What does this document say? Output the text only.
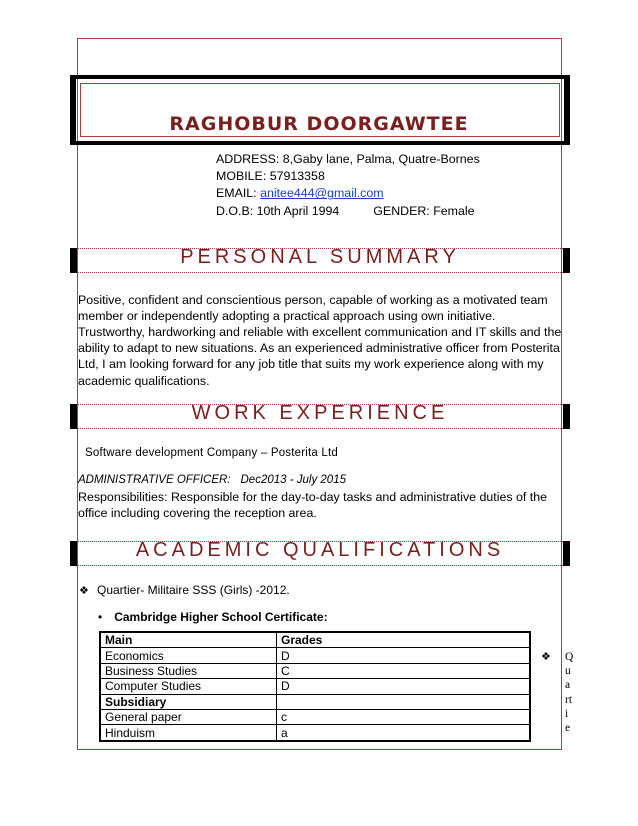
RAGHOBUR DOORGAWTEE
ADDRESS: 8,Gaby lane, Palma, Quatre-Bornes
MOBILE: 57913358
EMAIL: anitee444@gmail.com
D.O.B: 10th April 1994	GENDER: Female
PERSONAL SUMMARY
Positive, confident and conscientious person, capable of working as a motivated team member or independently adopting a practical approach using own initiative.
Trustworthy, hardworking and reliable with excellent communication and IT skills and the ability to adapt to new situations. As an experienced administrative officer from Posterita Ltd, I am looking forward for any job title that suits my work experience along with my academic qualifications.
WORK EXPERIENCE
Software development Company – Posterita Ltd
ADMINISTRATIVE OFFICER: Dec2013 - July 2015
Responsibilities: Responsible for the day-to-day tasks and administrative duties of the office including covering the reception area.
ACADEMIC QUALIFICATIONS
❖ Quartier- Militaire SSS (Girls) -2012.
• Cambridge Higher School Certificate:
Main	Grades
Economics	D
Business Studies	C
Computer Studies	D
Subsidiary	
General paper	c
Hinduism	a
❖ Quartie
